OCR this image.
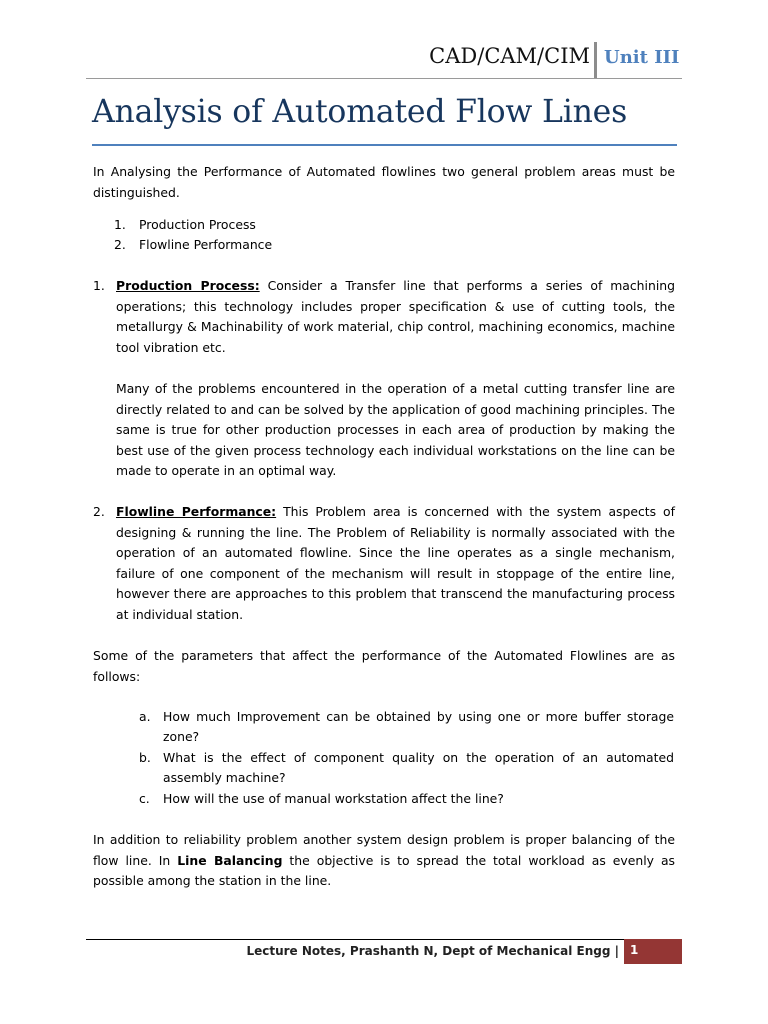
CAD/CAM/CIM Unit III
Analysis of Automated Flow Lines

In Analysing the Performance of Automated flowlines two general problem areas must be distinguished.

1. Production Process
2. Flowline Performance
1. Production Process: Consider a Transfer line that performs a series of machining operations; this technology includes proper specification & use of cutting tools, the metallurgy & Machinability of work material, chip control, machining economics, machine tool vibration etc.

Many of the problems encountered in the operation of a metal cutting transfer line are directly related to and can be solved by the application of good machining principles. The same is true for other production processes in each area of production by making the best use of the given process technology each individual workstations on the line can be made to operate in an optimal way.

2. Flowline Performance: This Problem area is concerned with the system aspects of designing & running the line. The Problem of Reliability is normally associated with the operation of an automated flowline. Since the line operates as a single mechanism, failure of one component of the mechanism will result in stoppage of the entire line, however there are approaches to this problem that transcend the manufacturing process at individual station.

Some of the parameters that affect the performance of the Automated Flowlines are as follows:

a. How much Improvement can be obtained by using one or more buffer storage zone?
b. What is the effect of component quality on the operation of an automated assembly machine?
c. How will the use of manual workstation affect the line?

In addition to reliability problem another system design problem is proper balancing of the flow line. In Line Balancing the objective is to spread the total workload as evenly as possible among the station in the line.

Lecture Notes, Prashanth N, Dept of Mechanical Engg | 1
